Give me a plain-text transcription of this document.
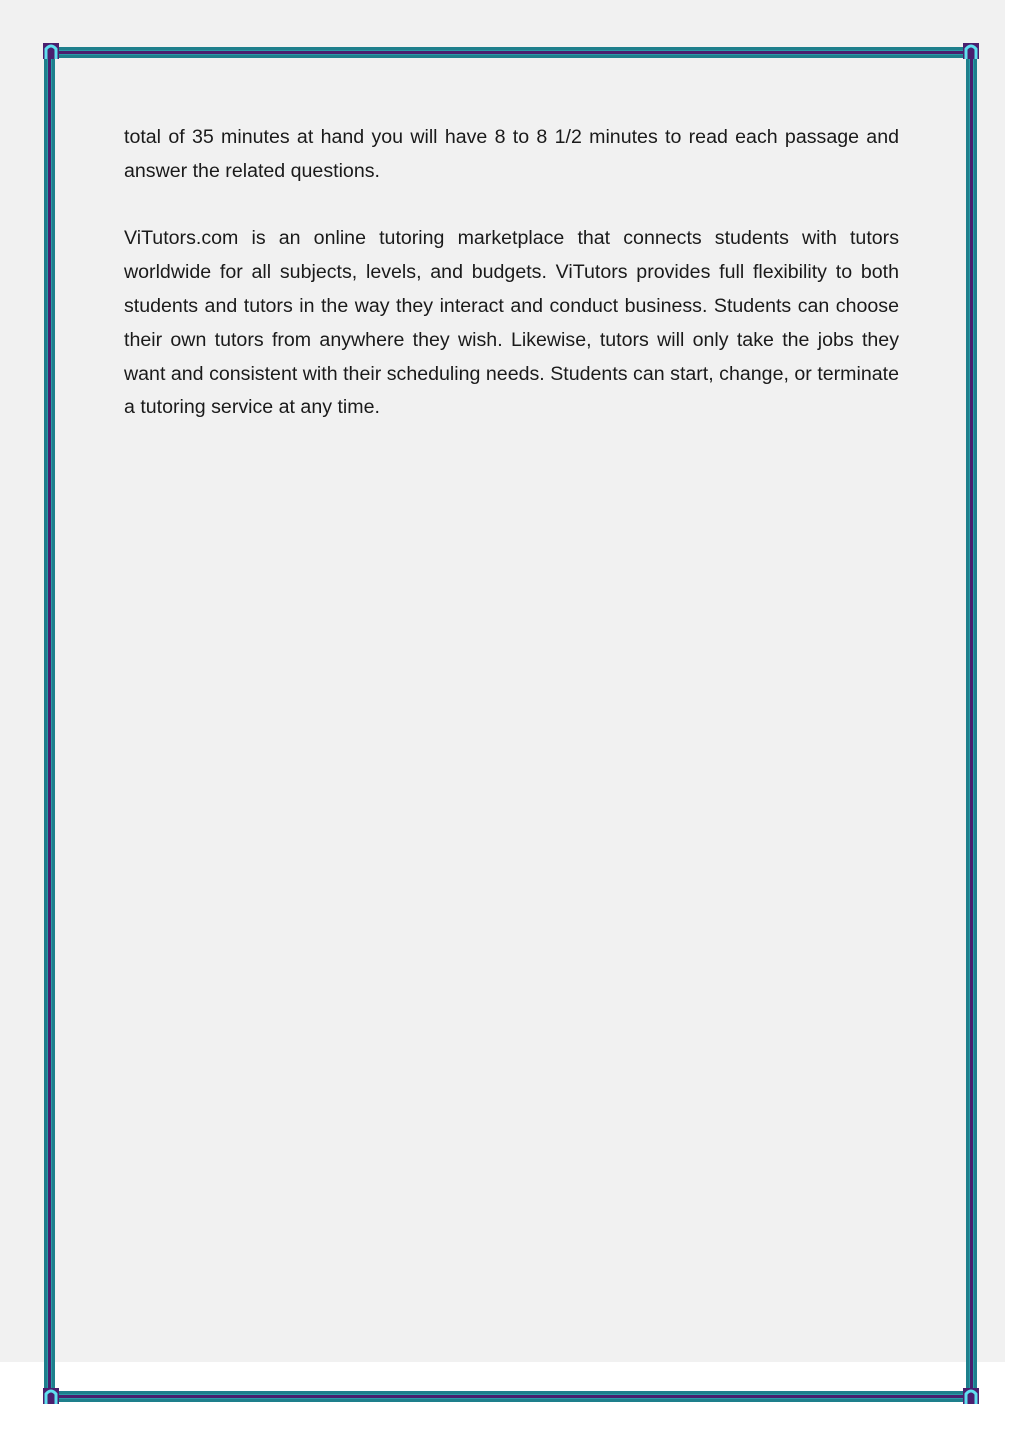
total of 35 minutes at hand you will have 8 to 8 1/2 minutes to read each passage and answer the related questions.

ViTutors.com is an online tutoring marketplace that connects students with tutors worldwide for all subjects, levels, and budgets. ViTutors provides full flexibility to both students and tutors in the way they interact and conduct business. Students can choose their own tutors from anywhere they wish. Likewise, tutors will only take the jobs they want and consistent with their scheduling needs. Students can start, change, or terminate a tutoring service at any time.
